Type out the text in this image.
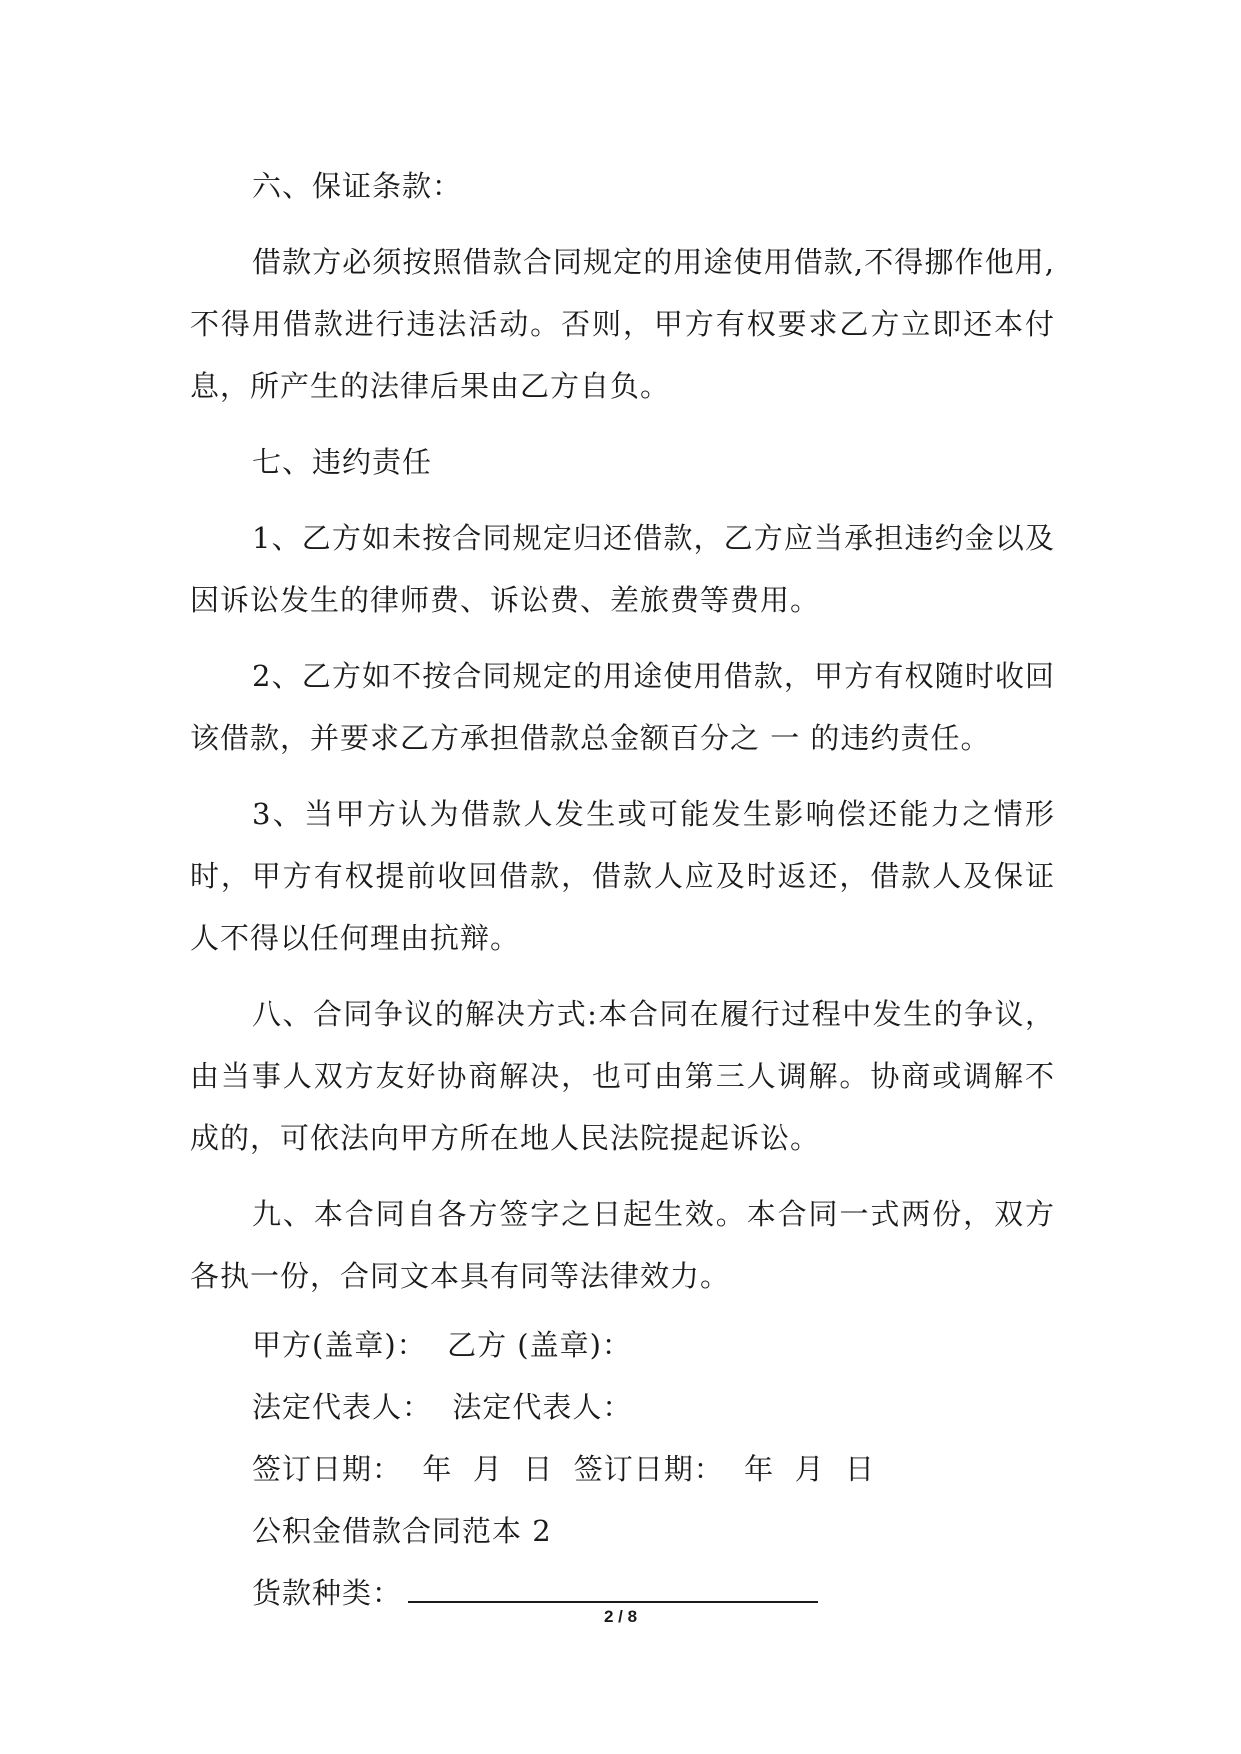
六、保证条款：

借款方必须按照借款合同规定的用途使用借款,不得挪作他用,不得用借款进行违法活动。否则，甲方有权要求乙方立即还本付息，所产生的法律后果由乙方自负。

七、违约责任

1、乙方如未按合同规定归还借款，乙方应当承担违约金以及因诉讼发生的律师费、诉讼费、差旅费等费用。

2、乙方如不按合同规定的用途使用借款，甲方有权随时收回该借款，并要求乙方承担借款总金额百分之 一 的违约责任。

3、当甲方认为借款人发生或可能发生影响偿还能力之情形时，甲方有权提前收回借款，借款人应及时返还，借款人及保证人不得以任何理由抗辩。

八、合同争议的解决方式:本合同在履行过程中发生的争议，由当事人双方友好协商解决，也可由第三人调解。协商或调解不成的，可依法向甲方所在地人民法院提起诉讼。

九、本合同自各方签字之日起生效。本合同一式两份，双方各执一份，合同文本具有同等法律效力。

甲方(盖章)：  乙方 (盖章)：
法定代表人：  法定代表人：
签订日期：  年  月  日  签订日期：  年  月  日
公积金借款合同范本 2
货款种类：
2 / 8
